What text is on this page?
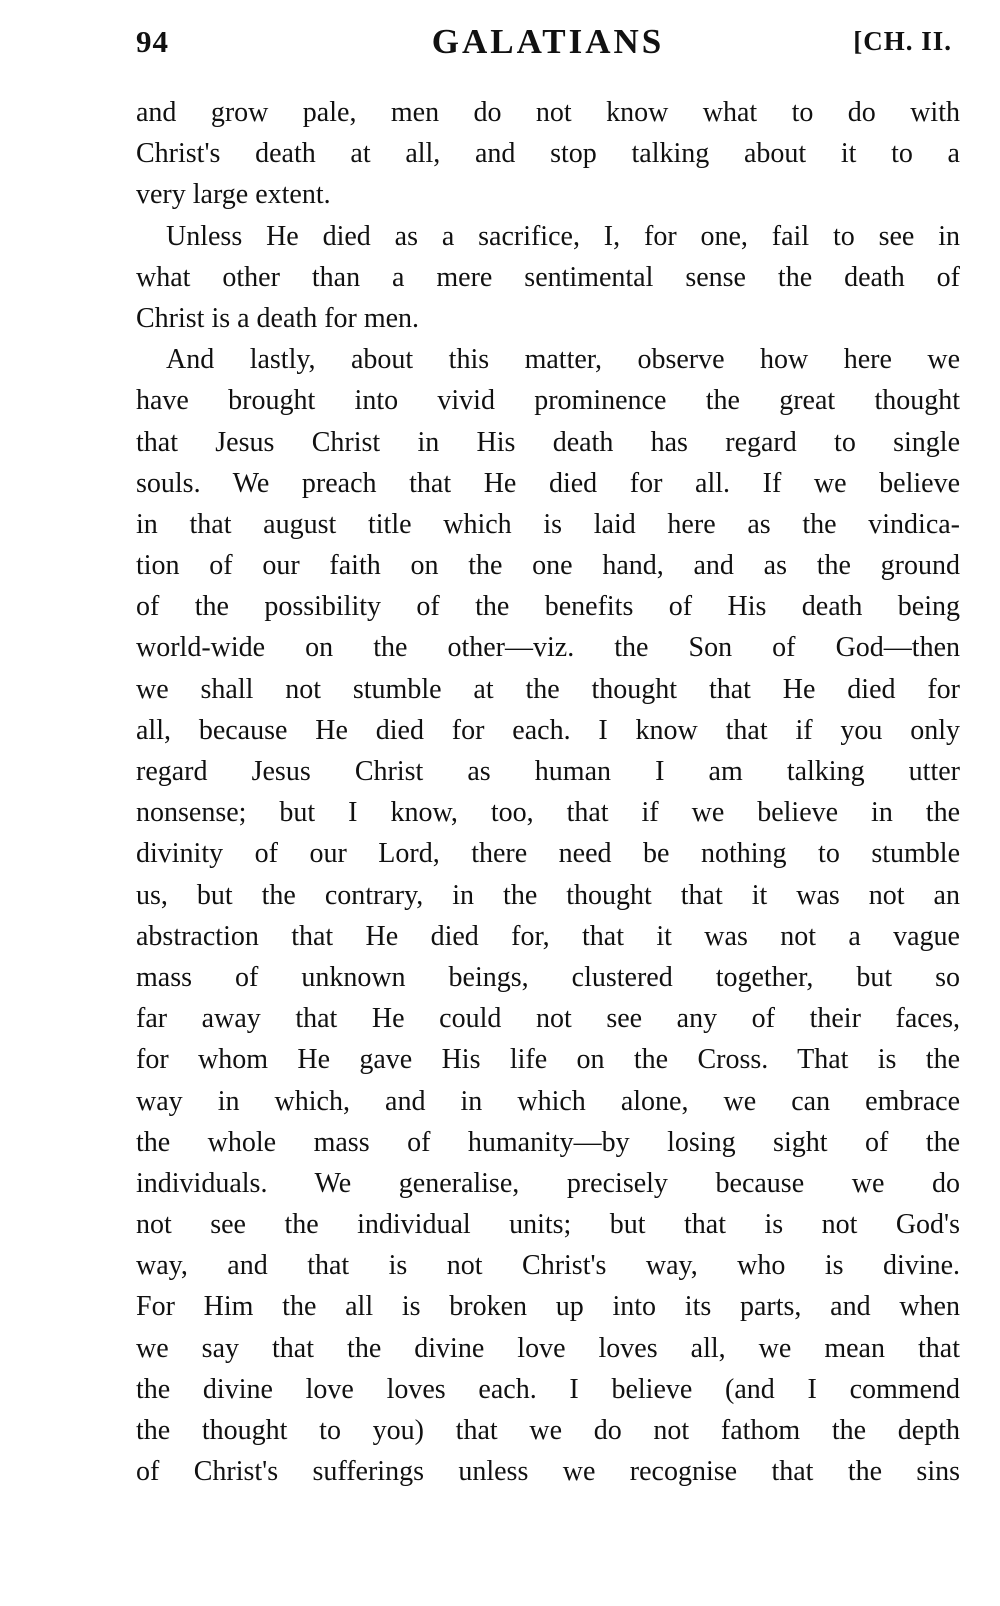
94	GALATIANS	[CH. II.
and grow pale, men do not know what to do with
Christ's death at all, and stop talking about it to a
very large extent.
Unless He died as a sacrifice, I, for one, fail to see in
what other than a mere sentimental sense the death of
Christ is a death for men.
And lastly, about this matter, observe how here we
have brought into vivid prominence the great thought
that Jesus Christ in His death has regard to single
souls. We preach that He died for all. If we believe
in that august title which is laid here as the vindica-
tion of our faith on the one hand, and as the ground
of the possibility of the benefits of His death being
world-wide on the other—viz. the Son of God—then
we shall not stumble at the thought that He died for
all, because He died for each. I know that if you only
regard Jesus Christ as human I am talking utter
nonsense; but I know, too, that if we believe in the
divinity of our Lord, there need be nothing to stumble
us, but the contrary, in the thought that it was not an
abstraction that He died for, that it was not a vague
mass of unknown beings, clustered together, but so
far away that He could not see any of their faces,
for whom He gave His life on the Cross. That is the
way in which, and in which alone, we can embrace
the whole mass of humanity—by losing sight of the
individuals. We generalise, precisely because we do
not see the individual units; but that is not God's
way, and that is not Christ's way, who is divine.
For Him the all is broken up into its parts, and when
we say that the divine love loves all, we mean that
the divine love loves each. I believe (and I commend
the thought to you) that we do not fathom the depth
of Christ's sufferings unless we recognise that the sins
